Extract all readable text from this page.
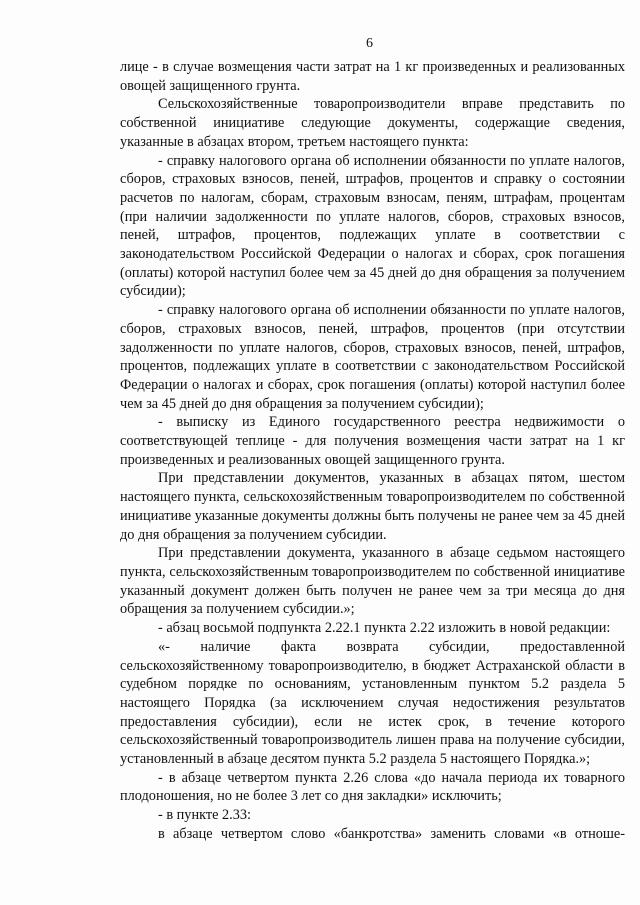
6

лице - в случае возмещения части затрат на 1 кг произведенных и реализованных овощей защищенного грунта.

Сельскохозяйственные товаропроизводители вправе представить по собственной инициативе следующие документы, содержащие сведения, указанные в абзацах втором, третьем настоящего пункта:

- справку налогового органа об исполнении обязанности по уплате налогов, сборов, страховых взносов, пеней, штрафов, процентов и справку о состоянии расчетов по налогам, сборам, страховым взносам, пеням, штрафам, процентам (при наличии задолженности по уплате налогов, сборов, страховых взносов, пеней, штрафов, процентов, подлежащих уплате в соответствии с законодательством Российской Федерации о налогах и сборах, срок погашения (оплаты) которой наступил более чем за 45 дней до дня обращения за получением субсидии);

- справку налогового органа об исполнении обязанности по уплате налогов, сборов, страховых взносов, пеней, штрафов, процентов (при отсутствии задолженности по уплате налогов, сборов, страховых взносов, пеней, штрафов, процентов, подлежащих уплате в соответствии с законодательством Российской Федерации о налогах и сборах, срок погашения (оплаты) которой наступил более чем за 45 дней до дня обращения за получением субсидии);

- выписку из Единого государственного реестра недвижимости о соответствующей теплице - для получения возмещения части затрат на 1 кг произведенных и реализованных овощей защищенного грунта.

При представлении документов, указанных в абзацах пятом, шестом настоящего пункта, сельскохозяйственным товаропроизводителем по собственной инициативе указанные документы должны быть получены не ранее чем за 45 дней до дня обращения за получением субсидии.

При представлении документа, указанного в абзаце седьмом настоящего пункта, сельскохозяйственным товаропроизводителем по собственной инициативе указанный документ должен быть получен не ранее чем за три месяца до дня обращения за получением субсидии.»;

- абзац восьмой подпункта 2.22.1 пункта 2.22 изложить в новой редакции:

«- наличие факта возврата субсидии, предоставленной сельскохозяйственному товаропроизводителю, в бюджет Астраханской области в судебном порядке по основаниям, установленным пунктом 5.2 раздела 5 настоящего Порядка (за исключением случая недостижения результатов предоставления субсидии), если не истек срок, в течение которого сельскохозяйственный товаропроизводитель лишен права на получение субсидии, установленный в абзаце десятом пункта 5.2 раздела 5 настоящего Порядка.»;

- в абзаце четвертом пункта 2.26 слова «до начала периода их товарного плодоношения, но не более 3 лет со дня закладки» исключить;

- в пункте 2.33:

в абзаце четвертом слово «банкротства» заменить словами «в отноше-
